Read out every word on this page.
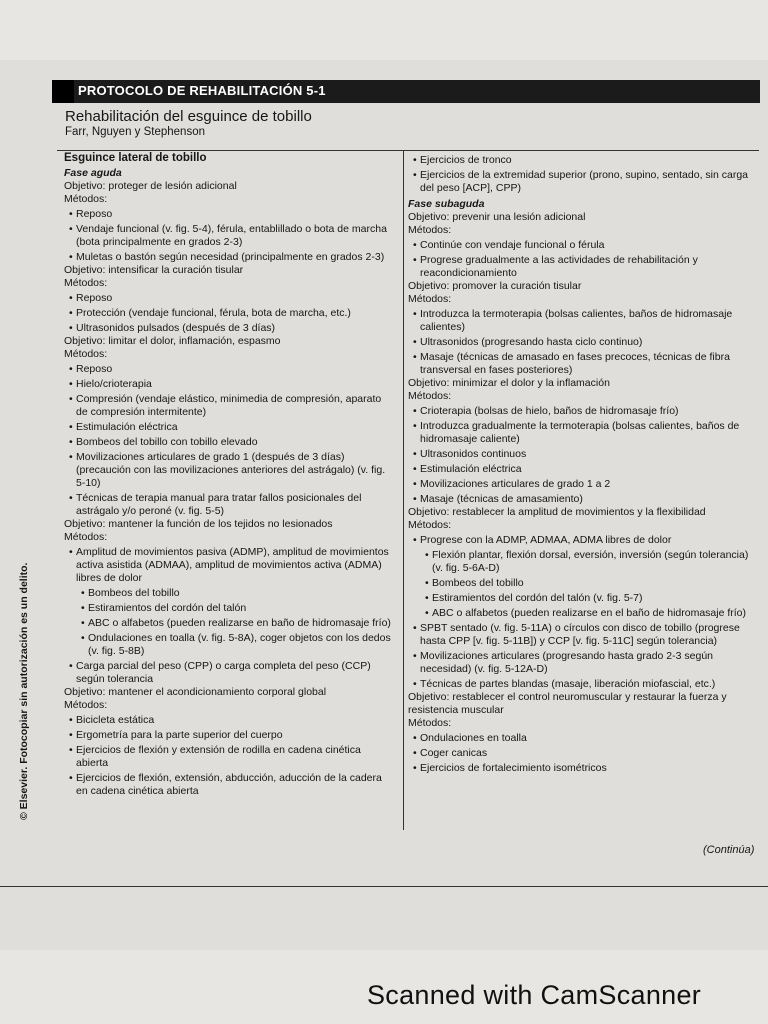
PROTOCOLO DE REHABILITACIÓN 5-1
Rehabilitación del esguince de tobillo
Farr, Nguyen y Stephenson

Esguince lateral de tobillo

Fase aguda

Objetivo: proteger de lesión adicional

Métodos:

• Reposo

• Vendaje funcional (v. fig. 5-4), férula, entablillado o bota de marcha (bota principalmente en grados 2-3)

• Muletas o bastón según necesidad (principalmente en grados 2-3)

Objetivo: intensificar la curación tisular

Métodos:

• Reposo

• Protección (vendaje funcional, férula, bota de marcha, etc.)

• Ultrasonidos pulsados (después de 3 días)

Objetivo: limitar el dolor, inflamación, espasmo

Métodos:

• Reposo

• Hielo/crioterapia

• Compresión (vendaje elástico, minimedia de compresión, aparato de compresión intermitente)

• Estimulación eléctrica

• Bombeos del tobillo con tobillo elevado

• Movilizaciones articulares de grado 1 (después de 3 días) (precaución con las movilizaciones anteriores del astrágalo) (v. fig. 5-10)

• Técnicas de terapia manual para tratar fallos posicionales del astrágalo y/o peroné (v. fig. 5-5)

Objetivo: mantener la función de los tejidos no lesionados

Métodos:

• Amplitud de movimientos pasiva (ADMP), amplitud de movimientos activa asistida (ADMAA), amplitud de movimientos activa (ADMA) libres de dolor

• Bombeos del tobillo

• Estiramientos del cordón del talón

• ABC o alfabetos (pueden realizarse en baño de hidromasaje frío)

• Ondulaciones en toalla (v. fig. 5-8A), coger objetos con los dedos (v. fig. 5-8B)

• Carga parcial del peso (CPP) o carga completa del peso (CCP) según tolerancia

Objetivo: mantener el acondicionamiento corporal global

Métodos:

• Bicicleta estática

• Ergometría para la parte superior del cuerpo

• Ejercicios de flexión y extensión de rodilla en cadena cinética abierta

• Ejercicios de flexión, extensión, abducción, aducción de la cadera en cadena cinética abierta

• Ejercicios de tronco

• Ejercicios de la extremidad superior (prono, supino, sentado, sin carga del peso [ACP], CPP)

Fase subaguda

Objetivo: prevenir una lesión adicional

Métodos:

• Continúe con vendaje funcional o férula

• Progrese gradualmente a las actividades de rehabilitación y reacondicionamiento

Objetivo: promover la curación tisular

Métodos:

• Introduzca la termoterapia (bolsas calientes, baños de hidromasaje calientes)

• Ultrasonidos (progresando hasta ciclo continuo)

• Masaje (técnicas de amasado en fases precoces, técnicas de fibra transversal en fases posteriores)

Objetivo: minimizar el dolor y la inflamación

Métodos:

• Crioterapia (bolsas de hielo, baños de hidromasaje frío)

• Introduzca gradualmente la termoterapia (bolsas calientes, baños de hidromasaje caliente)

• Ultrasonidos continuos

• Estimulación eléctrica

• Movilizaciones articulares de grado 1 a 2

• Masaje (técnicas de amasamiento)

Objetivo: restablecer la amplitud de movimientos y la flexibilidad

Métodos:

• Progrese con la ADMP, ADMAA, ADMA libres de dolor

• Flexión plantar, flexión dorsal, eversión, inversión (según tolerancia) (v. fig. 5-6A-D)

• Bombeos del tobillo

• Estiramientos del cordón del talón (v. fig. 5-7)

• ABC o alfabetos (pueden realizarse en el baño de hidromasaje frío)

• SPBT sentado (v. fig. 5-11A) o círculos con disco de tobillo (progrese hasta CPP [v. fig. 5-11B]) y CCP [v. fig. 5-11C] según tolerancia)

• Movilizaciones articulares (progresando hasta grado 2-3 según necesidad) (v. fig. 5-12A-D)

• Técnicas de partes blandas (masaje, liberación miofascial, etc.)

Objetivo: restablecer el control neuromuscular y restaurar la fuerza y resistencia muscular

Métodos:

• Ondulaciones en toalla

• Coger canicas

• Ejercicios de fortalecimiento isométricos

© Elsevier. Fotocopiar sin autorización es un delito.
(Continúa)
Scanned with CamScanner
